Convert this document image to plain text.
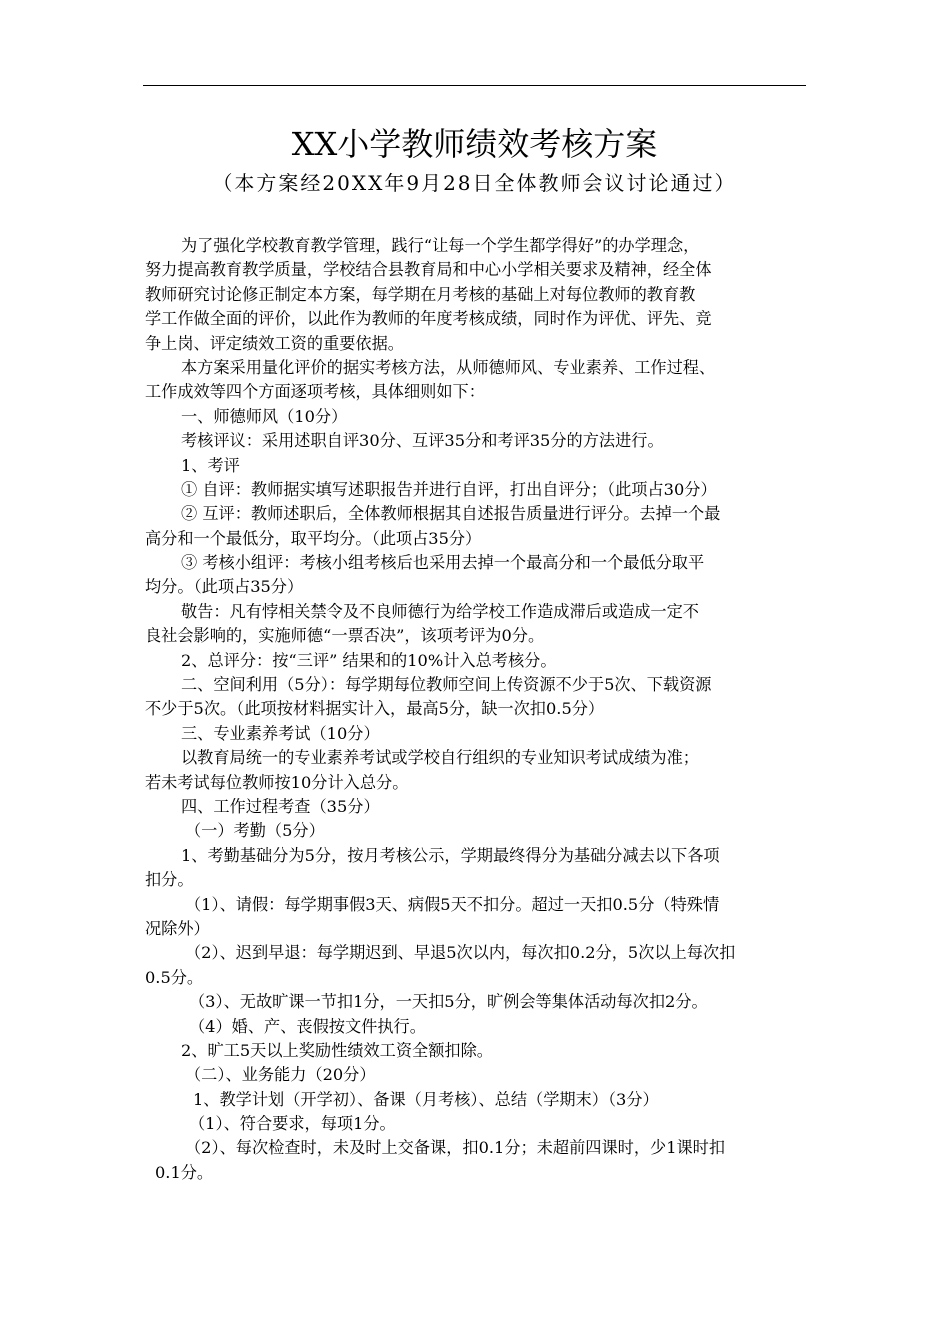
XX小学教师绩效考核方案
（本方案经20XX年9月28日全体教师会议讨论通过）
为了强化学校教育教学管理，践行“让每一个学生都学得好”的办学理念，
努力提高教育教学质量，学校结合县教育局和中心小学相关要求及精神，经全体
教师研究讨论修正制定本方案，每学期在月考核的基础上对每位教师的教育教
学工作做全面的评价，以此作为教师的年度考核成绩，同时作为评优、评先、竞
争上岗、评定绩效工资的重要依据。
本方案采用量化评价的据实考核方法，从师德师风、专业素养、工作过程、
工作成效等四个方面逐项考核，具体细则如下：
一、师德师风（10分）
考核评议：采用述职自评30分、互评35分和考评35分的方法进行。
1、考评
① 自评：教师据实填写述职报告并进行自评，打出自评分；（此项占30分）
② 互评：教师述职后，全体教师根据其自述报告质量进行评分。去掉一个最
高分和一个最低分，取平均分。（此项占35分）
③ 考核小组评：考核小组考核后也采用去掉一个最高分和一个最低分取平
均分。（此项占35分）
敬告：凡有悖相关禁令及不良师德行为给学校工作造成滞后或造成一定不
良社会影响的，实施师德“一票否决”，该项考评为0分。
2、总评分：按“三评” 结果和的10%计入总考核分。
二、空间利用（5分）：每学期每位教师空间上传资源不少于5次、下载资源
不少于5次。（此项按材料据实计入，最高5分，缺一次扣0.5分）
三、专业素养考试（10分）
以教育局统一的专业素养考试或学校自行组织的专业知识考试成绩为准；
若未考试每位教师按10分计入总分。
四、工作过程考查（35分）
（一）考勤（5分）
1、考勤基础分为5分，按月考核公示，学期最终得分为基础分减去以下各项
扣分。
（1）、请假：每学期事假3天、病假5天不扣分。超过一天扣0.5分（特殊情
况除外）
（2）、迟到早退：每学期迟到、早退5次以内，每次扣0.2分，5次以上每次扣
0.5分。
（3）、无故旷课一节扣1分，一天扣5分，旷例会等集体活动每次扣2分。
（4）婚、产、丧假按文件执行。
2、旷工5天以上奖励性绩效工资全额扣除。
（二）、业务能力（20分）
1、教学计划（开学初）、备课（月考核）、总结（学期末）（3分）
（1）、符合要求，每项1分。
（2）、每次检查时，未及时上交备课，扣0.1分；未超前四课时，少1课时扣
0.1分。
